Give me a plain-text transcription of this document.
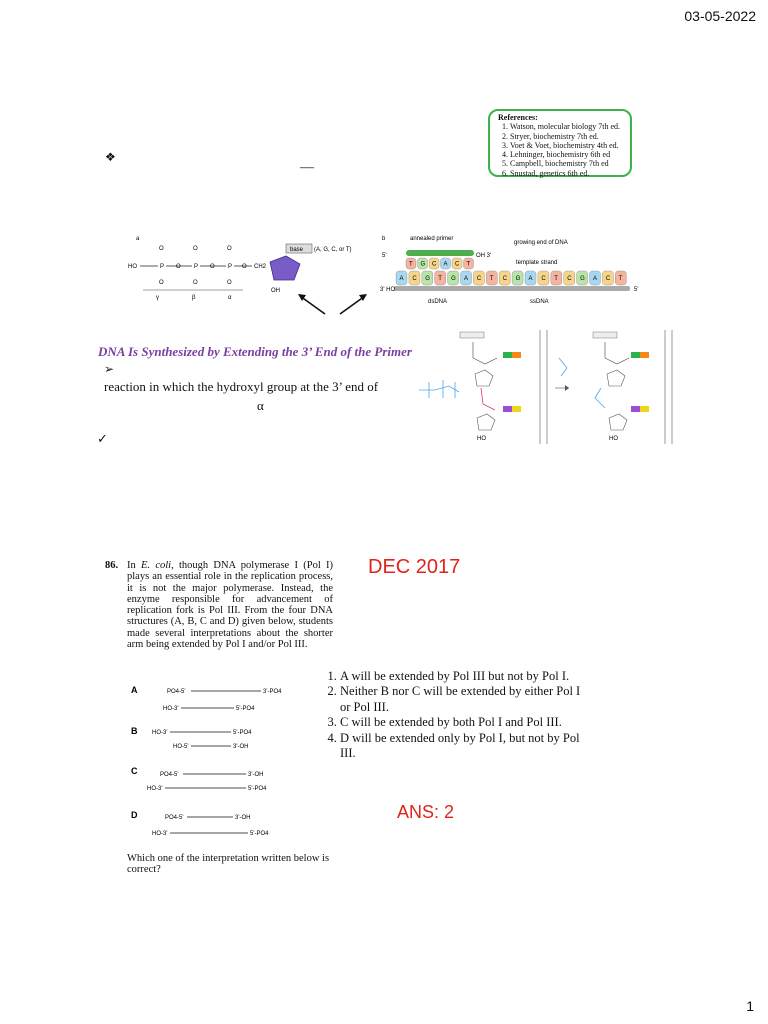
03-05-2022
1
References:
1. Watson, molecular biology 7th ed.
2. Stryer, biochemistry 7th ed.
3. Voet & Voet, biochemistry 4th ed.
4. Lehninger, biochemistry 6th ed
5. Campbell, biochemistry 7th ed
6. Snustad, genetics 6th ed.
❖
—
a
HO	P
O
O
O P
O
O
O P
O
O
O CH2
base (A, G, C, or T)
OH
γ	β	α
b	annealed primer
growing end of DNA
template strand
5'	OH 3'
T G C A C T
A C G T G A C T C G A C T C G A C T
3' HO	5'
dsDNA	ssDNA
DNA Is Synthesized by Extending the 3’ End of the Primer
➢
reaction in which the hydroxyl group at the 3’ end of
α
✓	HO	HO
86. In E. coli, though DNA polymerase I (Pol I) plays an essential role in the replication process, it is not the major polymerase. Instead, the enzyme responsible for advancement of replication fork is Pol III. From the four DNA structures (A, B, C and D) given below, students made several interpretations about the shorter arm being extended by Pol I and/or Pol III.
A	PO4-5'	3'-PO4
HO-3'	5'-PO4
B HO-3'	5'-PO4
HO-5'	3'-OH
C	PO4-5'	3'-OH
HO-3'	5'-PO4
D	PO4-5'	3'-OH
HO-3'	5'-PO4
Which one of the interpretation written below is correct?
DEC 2017
1. A will be extended by Pol III but not by Pol I.
2. Neither B nor C will be extended by either Pol I or Pol III.
3. C will be extended by both Pol I and Pol III.
4. D will be extended only by Pol I, but not by Pol III.
ANS: 2
